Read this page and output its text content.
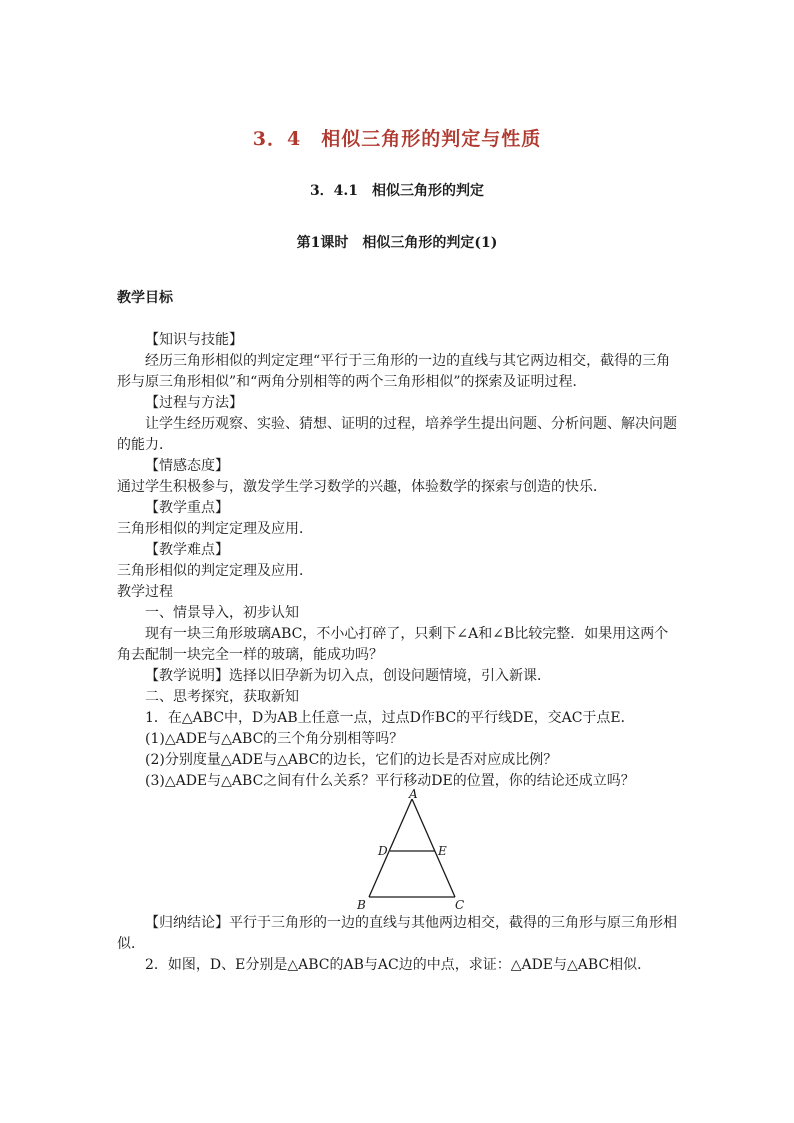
3．4　相似三角形的判定与性质
3．4.1　相似三角形的判定
第1课时　相似三角形的判定(1)
教学目标

【知识与技能】

经历三角形相似的判定定理“平行于三角形的一边的直线与其它两边相交，截得的三角形与原三角形相似”和“两角分别相等的两个三角形相似”的探索及证明过程．

【过程与方法】

让学生经历观察、实验、猜想、证明的过程，培养学生提出问题、分析问题、解决问题的能力．

【情感态度】

通过学生积极参与，激发学生学习数学的兴趣，体验数学的探索与创造的快乐．

【教学重点】

三角形相似的判定定理及应用．

【教学难点】

三角形相似的判定定理及应用．

教学过程

一、情景导入，初步认知

现有一块三角形玻璃ABC，不小心打碎了，只剩下∠A和∠B比较完整．如果用这两个角去配制一块完全一样的玻璃，能成功吗？

【教学说明】选择以旧孕新为切入点，创设问题情境，引入新课．

二、思考探究，获取新知

1．在△ABC中，D为AB上任意一点，过点D作BC的平行线DE，交AC于点E．

(1)△ADE与△ABC的三个角分别相等吗？

(2)分别度量△ADE与△ABC的边长，它们的边长是否对应成比例？

(3)△ADE与△ABC之间有什么关系？平行移动DE的位置，你的结论还成立吗？

A
D	E
B	C

【归纳结论】平行于三角形的一边的直线与其他两边相交，截得的三角形与原三角形相似．

2．如图，D、E分别是△ABC的AB与AC边的中点，求证：△ADE与△ABC相似．
